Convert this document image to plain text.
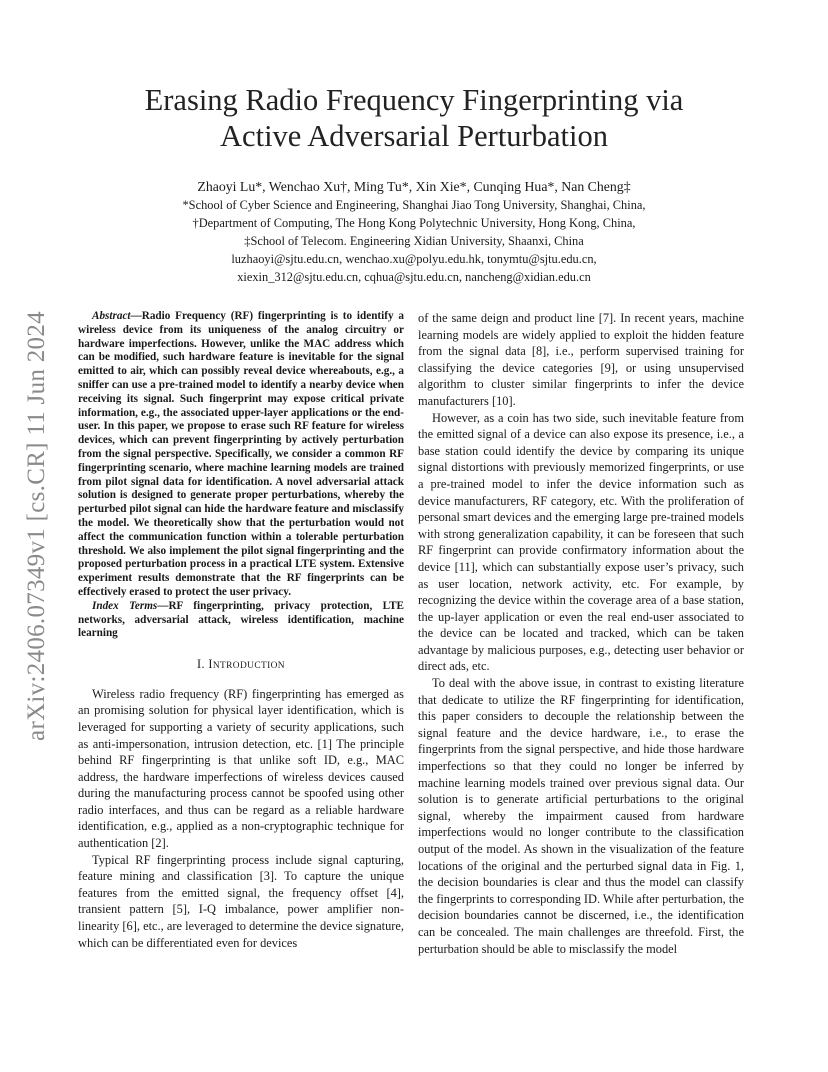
arXiv:2406.07349v1 [cs.CR] 11 Jun 2024
Erasing Radio Frequency Fingerprinting via
Active Adversarial Perturbation
Zhaoyi Lu*, Wenchao Xu†, Ming Tu*, Xin Xie*, Cunqing Hua*, Nan Cheng‡
*School of Cyber Science and Engineering, Shanghai Jiao Tong University, Shanghai, China,
†Department of Computing, The Hong Kong Polytechnic University, Hong Kong, China,
‡School of Telecom. Engineering Xidian University, Shaanxi, China
luzhaoyi@sjtu.edu.cn, wenchao.xu@polyu.edu.hk, tonymtu@sjtu.edu.cn,
xiexin_312@sjtu.edu.cn, cqhua@sjtu.edu.cn, nancheng@xidian.edu.cn

Abstract—Radio Frequency (RF) fingerprinting is to identify a wireless device from its uniqueness of the analog circuitry or hardware imperfections. However, unlike the MAC address which can be modified, such hardware feature is inevitable for the signal emitted to air, which can possibly reveal device whereabouts, e.g., a sniffer can use a pre-trained model to identify a nearby device when receiving its signal. Such fingerprint may expose critical private information, e.g., the associated upper-layer applications or the end-user. In this paper, we propose to erase such RF feature for wireless devices, which can prevent fingerprinting by actively perturbation from the signal perspective. Specifically, we consider a common RF fingerprinting scenario, where machine learning models are trained from pilot signal data for identification. A novel adversarial attack solution is designed to generate proper perturbations, whereby the perturbed pilot signal can hide the hardware feature and misclassify the model. We theoretically show that the perturbation would not affect the communication function within a tolerable perturbation threshold. We also implement the pilot signal fingerprinting and the proposed perturbation process in a practical LTE system. Extensive experiment results demonstrate that the RF fingerprints can be effectively erased to protect the user privacy.

Index Terms—RF fingerprinting, privacy protection, LTE networks, adversarial attack, wireless identification, machine learning

I. INTRODUCTION

Wireless radio frequency (RF) fingerprinting has emerged as an promising solution for physical layer identification, which is leveraged for supporting a variety of security applications, such as anti-impersonation, intrusion detection, etc. [1] The principle behind RF fingerprinting is that unlike soft ID, e.g., MAC address, the hardware imperfections of wireless devices caused during the manufacturing process cannot be spoofed using other radio interfaces, and thus can be regard as a reliable hardware identification, e.g., applied as a non-cryptographic technique for authentication [2].

Typical RF fingerprinting process include signal capturing, feature mining and classification [3]. To capture the unique features from the emitted signal, the frequency offset [4], transient pattern [5], I-Q imbalance, power amplifier non-linearity [6], etc., are leveraged to determine the device signature, which can be differentiated even for devices

of the same deign and product line [7]. In recent years, machine learning models are widely applied to exploit the hidden feature from the signal data [8], i.e., perform supervised training for classifying the device categories [9], or using unsupervised algorithm to cluster similar fingerprints to infer the device manufacturers [10].

However, as a coin has two side, such inevitable feature from the emitted signal of a device can also expose its presence, i.e., a base station could identify the device by comparing its unique signal distortions with previously memorized fingerprints, or use a pre-trained model to infer the device information such as device manufacturers, RF category, etc. With the proliferation of personal smart devices and the emerging large pre-trained models with strong generalization capability, it can be foreseen that such RF fingerprint can provide confirmatory information about the device [11], which can substantially expose user’s privacy, such as user location, network activity, etc. For example, by recognizing the device within the coverage area of a base station, the up-layer application or even the real end-user associated to the device can be located and tracked, which can be taken advantage by malicious purposes, e.g., detecting user behavior or direct ads, etc.

To deal with the above issue, in contrast to existing literature that dedicate to utilize the RF fingerprinting for identification, this paper considers to decouple the relationship between the signal feature and the device hardware, i.e., to erase the fingerprints from the signal perspective, and hide those hardware imperfections so that they could no longer be inferred by machine learning models trained over previous signal data. Our solution is to generate artificial perturbations to the original signal, whereby the impairment caused from hardware imperfections would no longer contribute to the classification output of the model. As shown in the visualization of the feature locations of the original and the perturbed signal data in Fig. 1, the decision boundaries is clear and thus the model can classify the fingerprints to corresponding ID. While after perturbation, the decision boundaries cannot be discerned, i.e., the identification can be concealed. The main challenges are threefold. First, the perturbation should be able to misclassify the model
